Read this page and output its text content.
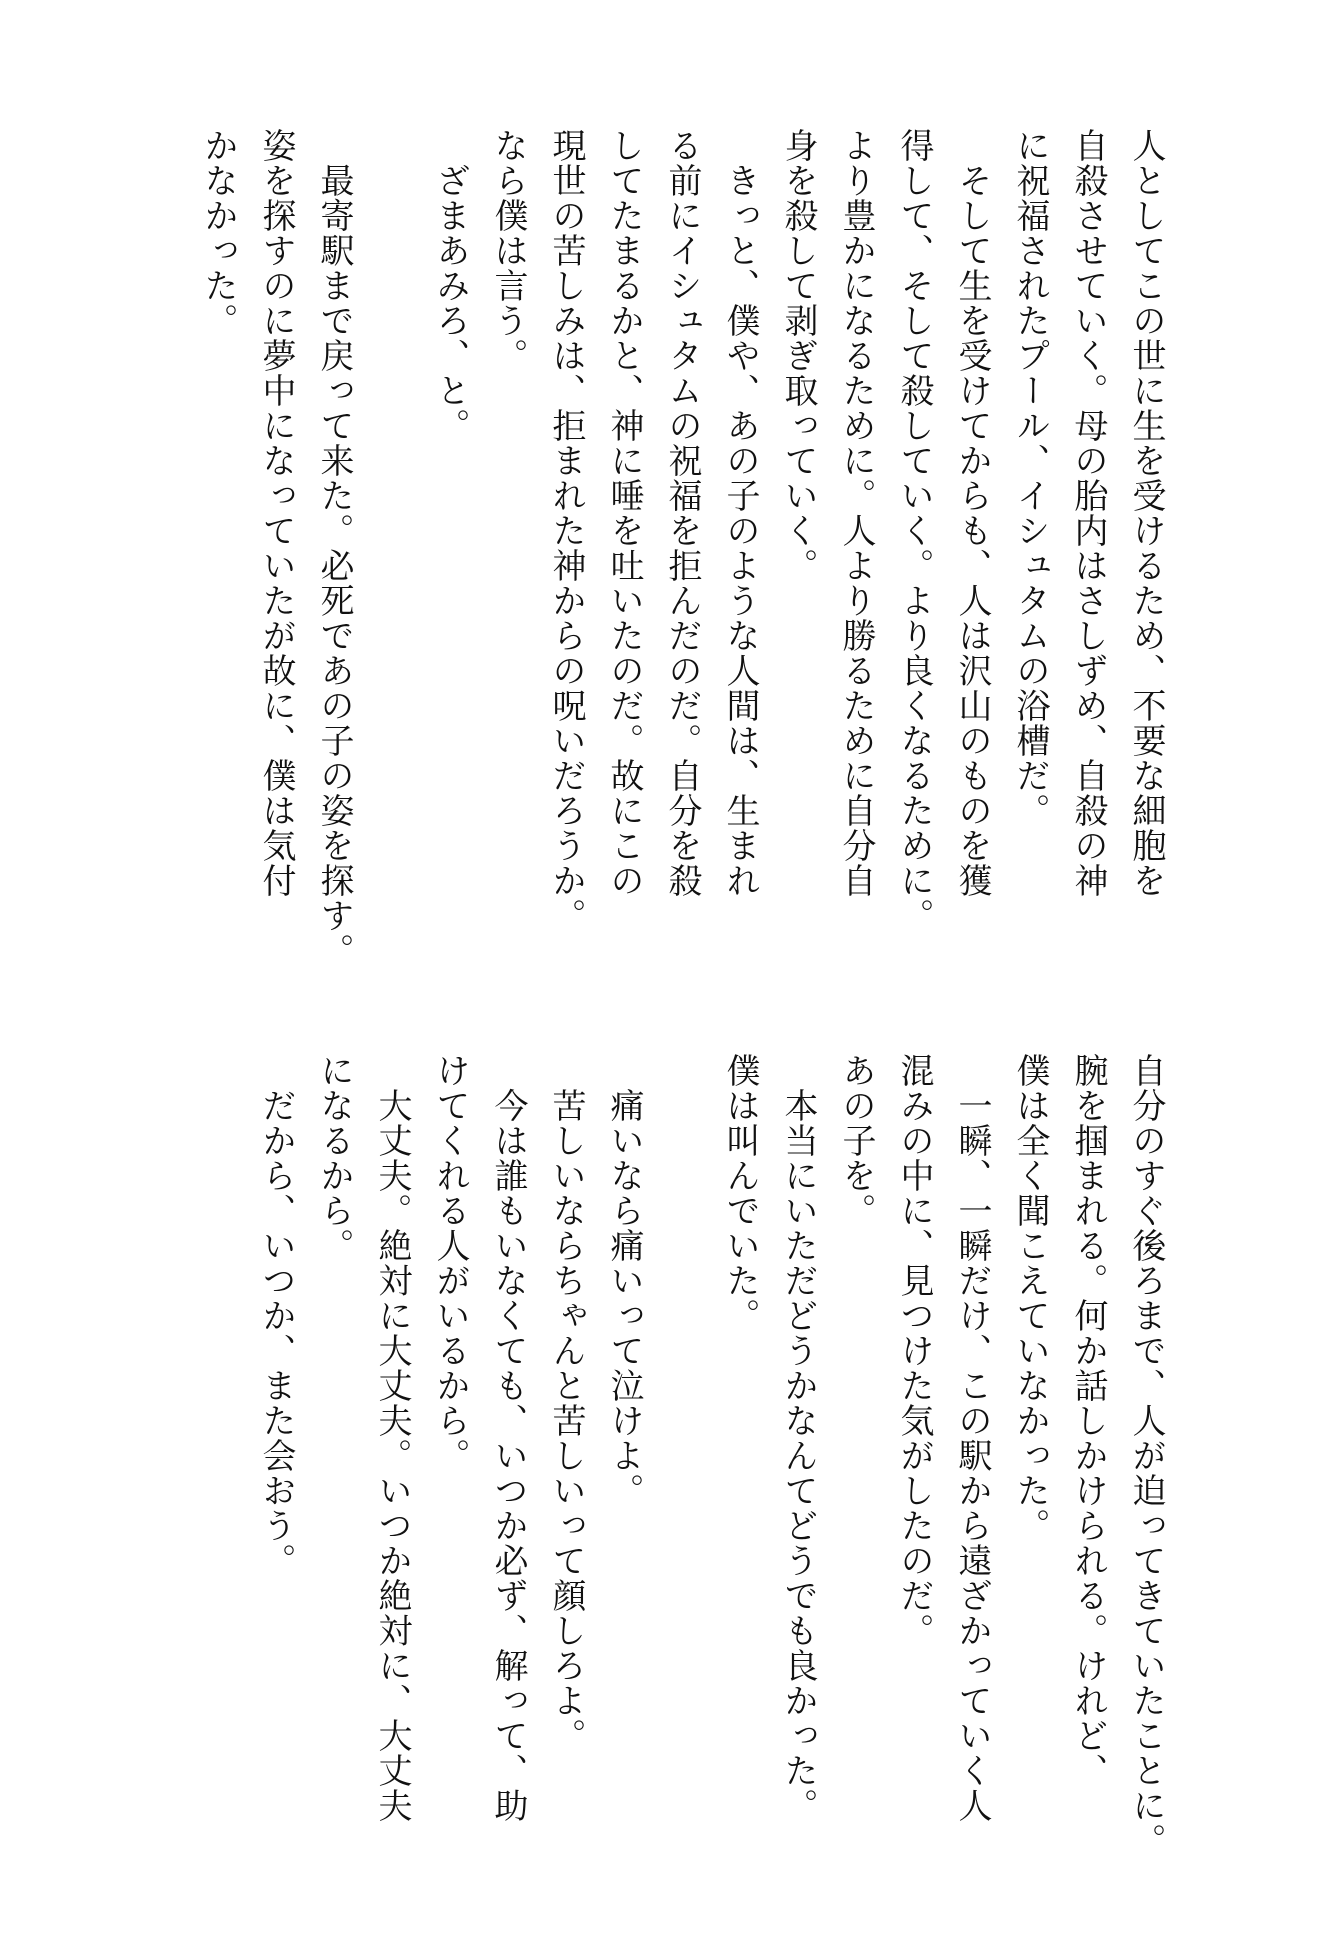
人としてこの世に生を受けるため、不要な細胞を
自殺させていく。母の胎内はさしずめ、自殺の神
に祝福されたプール、イシュタムの浴槽だ。
　そして生を受けてからも、人は沢山のものを獲
得して、そして殺していく。より良くなるために。
より豊かになるために。人より勝るために自分自
身を殺して剥ぎ取っていく。
　きっと、僕や、あの子のような人間は、生まれ
る前にイシュタムの祝福を拒んだのだ。自分を殺
してたまるかと、神に唾を吐いたのだ。故にこの
現世の苦しみは、拒まれた神からの呪いだろうか。
なら僕は言う。
　ざまあみろ、と。

　最寄駅まで戻って来た。必死であの子の姿を探す。
姿を探すのに夢中になっていたが故に、僕は気付
かなかった。
自分のすぐ後ろまで、人が迫ってきていたことに。
腕を掴まれる。何か話しかけられる。けれど、
僕は全く聞こえていなかった。
　一瞬、一瞬だけ、この駅から遠ざかっていく人
混みの中に、見つけた気がしたのだ。
あの子を。
　本当にいただどうかなんてどうでも良かった。
僕は叫んでいた。

　痛いなら痛いって泣けよ。
　苦しいならちゃんと苦しいって顔しろよ。
　今は誰もいなくても、いつか必ず、解って、助
けてくれる人がいるから。
　大丈夫。絶対に大丈夫。いつか絶対に、大丈夫
になるから。
　だから、いつか、また会おう。
